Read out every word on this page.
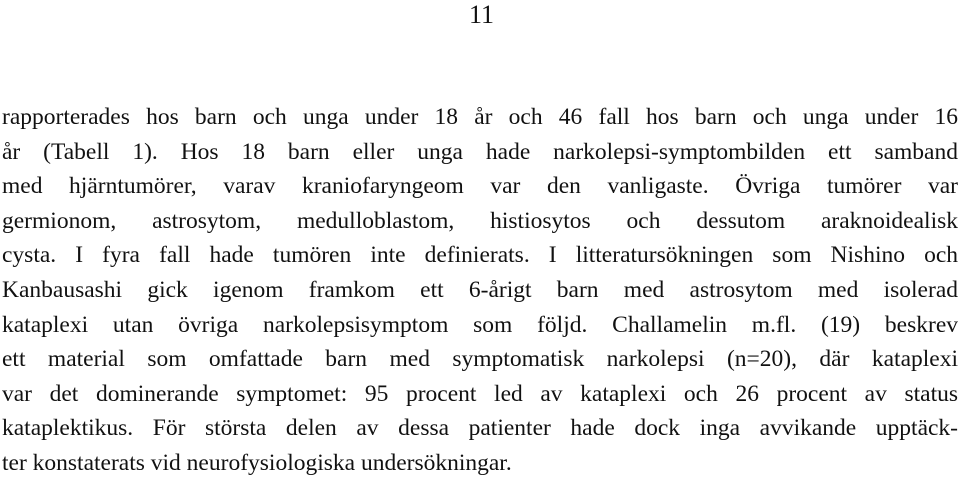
11
rapporterades hos barn och unga under 18 år och 46 fall hos barn och unga under 16
år (Tabell 1). Hos 18 barn eller unga hade narkolepsi-symptombilden ett samband
med hjärntumörer, varav kraniofaryngeom var den vanligaste. Övriga tumörer var
germionom, astrosytom, medulloblastom, histiosytos och dessutom araknoidealisk
cysta. I fyra fall hade tumören inte definierats. I litteratursökningen som Nishino och
Kanbausashi gick igenom framkom ett 6-årigt barn med astrosytom med isolerad
kataplexi utan övriga narkolepsisymptom som följd. Challamelin m.fl. (19) beskrev
ett material som omfattade barn med symptomatisk narkolepsi (n=20), där kataplexi
var det dominerande symptomet: 95 procent led av kataplexi och 26 procent av status
kataplektikus. För största delen av dessa patienter hade dock inga avvikande upptäck-
ter konstaterats vid neurofysiologiska undersökningar.
